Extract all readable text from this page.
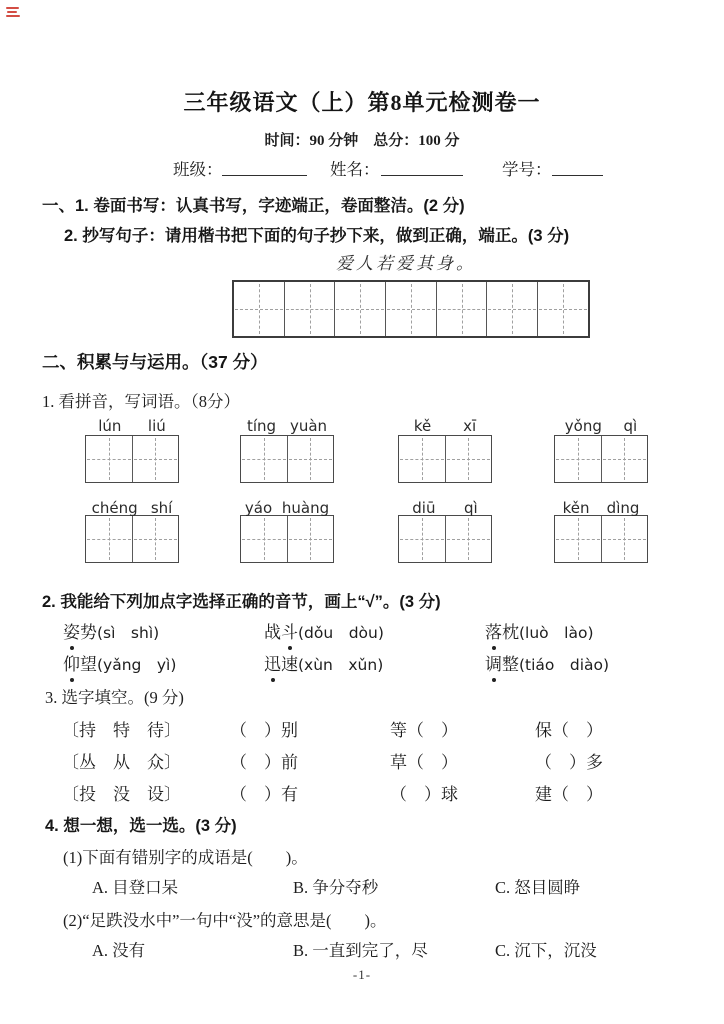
三年级语文（上）第8单元检测卷一
时间：90 分钟　总分：100 分
班级：	姓名：	学号：
一、1. 卷面书写：认真书写，字迹端正，卷面整洁。(2 分)
2. 抄写句子：请用楷书把下面的句子抄下来，做到正确，端正。(3 分)
爱人若爱其身。
二、积累与与运用。（37 分）
1. 看拼音，写词语。（8分）
lún liú	tíng yuàn	kě xī	yǒng qì
chéng shí	yáo huàng	diū qì	kěn dìng
2. 我能给下列加点字选择正确的音节，画上“√”。(3 分)
姿势(sì　shì)	战斗(dǒu　dòu)	落枕(luò　lào)
仰望(yǎng　yì)	迅速(xùn　xǔn)	调整(tiáo　diào)
3. 选字填空。(9 分)
〔持　特　待〕	（　）别	等（　）	保（　）
〔丛　从　众〕	（　）前	草（　）	（　）多
〔投　没　设〕	（　）有	（　）球	建（　）
4. 想一想，选一选。(3 分)
(1)下面有错别字的成语是(　　)。
A. 目登口呆	B. 争分夺秒	C. 怒目圆睁
(2)“足跌没水中”一句中“没”的意思是(　　)。
A. 没有	B. 一直到完了，尽	C. 沉下，沉没
-1-
